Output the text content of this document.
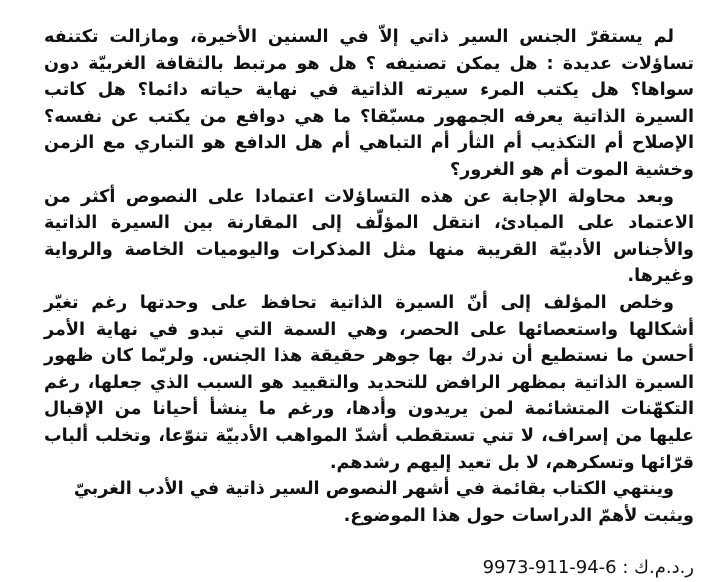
لم يستقرّ الجنس السير ذاتي إلاّ في السنين الأخيرة، ومازالت تكتنفه تساؤلات عديدة : هل يمكن تصنيفه ؟ هل هو مرتبط بالثقافة الغربيّة دون سواها؟ هل يكتب المرء سيرته الذاتية في نهاية حياته دائما؟ هل كاتب السيرة الذاتية يعرفه الجمهور مسبّقا؟ ما هي دوافع من يكتب عن نفسه؟ الإصلاح أم التكذيب أم الثأر أم التباهي أم هل الدافع هو التباري مع الزمن وخشية الموت أم هو الغرور؟

وبعد محاولة الإجابة عن هذه التساؤلات اعتمادا على النصوص أكثر من الاعتماد على المبادئ، انتقل المؤلّف إلى المقارنة بين السيرة الذاتية والأجناس الأدبيّة القريبة منها مثل المذكرات واليوميات الخاصة والرواية وغيرها.

وخلص المؤلف إلى أنّ السيرة الذاتية تحافظ على وحدتها رغم تغيّر أشكالها واستعصائها على الحصر، وهي السمة التي تبدو في نهاية الأمر أحسن ما نستطيع أن ندرك بها جوهر حقيقة هذا الجنس. ولربّما كان ظهور السيرة الذاتية بمظهر الرافض للتحديد والتقييد هو السبب الذي جعلها، رغم التكهّنات المتشائمة لمن يريدون وأدها، ورغم ما ينشأ أحيانا من الإقبال عليها من إسراف، لا تني تستقطب أشدّ المواهب الأدبيّة تنوّعا، وتخلب ألباب قرّائها وتسكرهم، لا بل تعيد إليهم رشدهم.

وينتهي الكتاب بقائمة في أشهر النصوص السير ذاتية في الأدب الغربيّ ويثبت لأهمّ الدراسات حول هذا الموضوع.

ر.د.م.ك : 9973-911-94-6
